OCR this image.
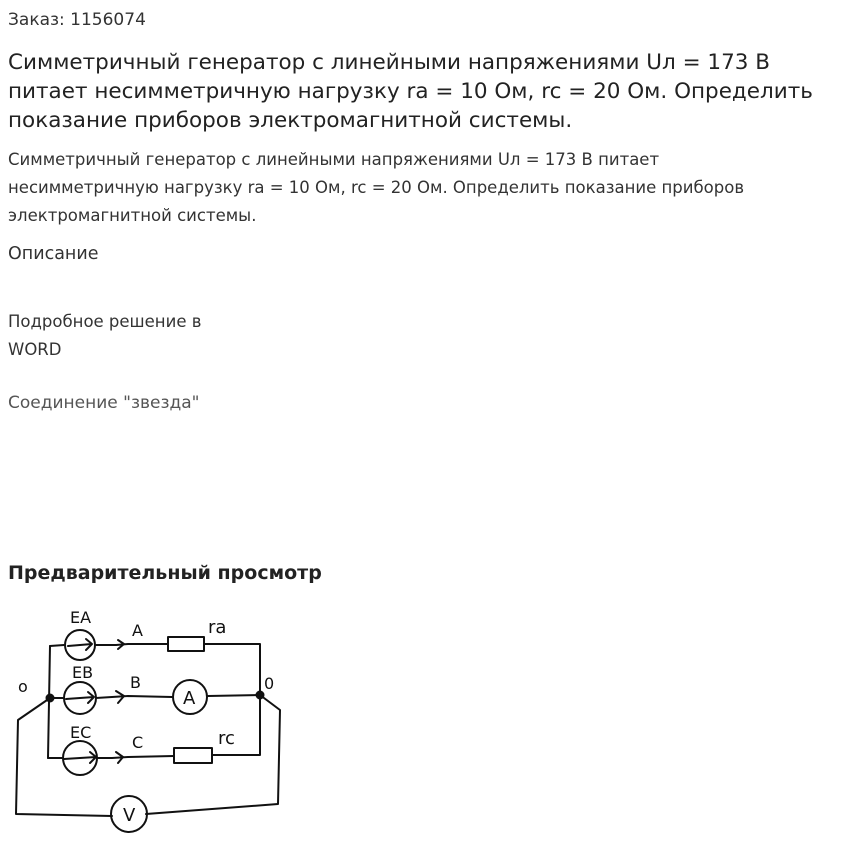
Заказ: 1156074
Симметричный генератор с линейными напряжениями Uл = 173 В питает несимметричную нагрузку ra = 10 Ом, rc = 20 Ом. Определить показание приборов электромагнитной системы.
Симметричный генератор с линейными напряжениями Uл = 173 В питает несимметричную нагрузку ra = 10 Ом, rc = 20 Ом. Определить показание приборов электромагнитной системы.
Описание
Подробное решение в WORD
Соединение "звезда"
Предварительный просмотр
EA
EB
EC
A
B
C
ra
rc
A
V
o	0
